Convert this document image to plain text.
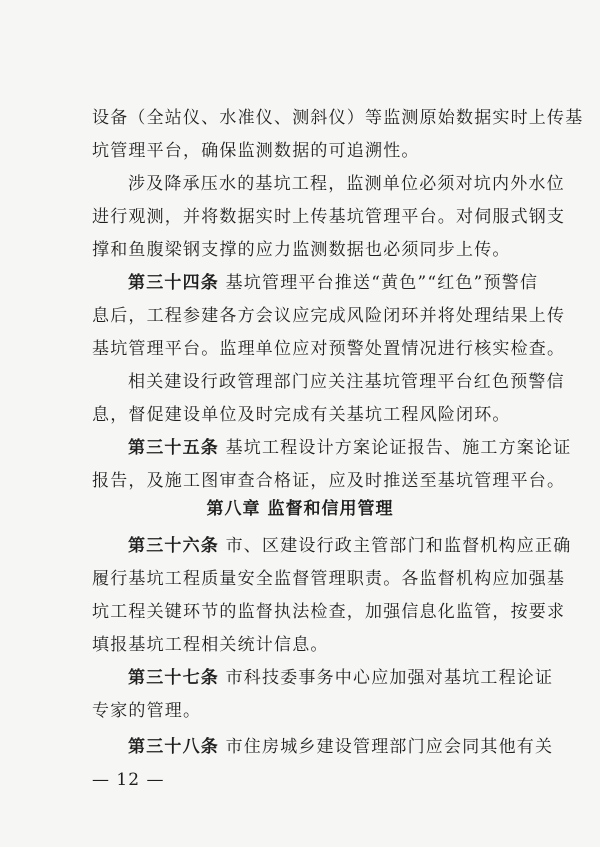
设备（全站仪、水准仪、测斜仪）等监测原始数据实时上传基
坑管理平台，确保监测数据的可追溯性。
涉及降承压水的基坑工程，监测单位必须对坑内外水位
进行观测，并将数据实时上传基坑管理平台。对伺服式钢支
撑和鱼腹梁钢支撑的应力监测数据也必须同步上传。
第三十四条 基坑管理平台推送“黄色”“红色”预警信
息后，工程参建各方会议应完成风险闭环并将处理结果上传
基坑管理平台。监理单位应对预警处置情况进行核实检查。
相关建设行政管理部门应关注基坑管理平台红色预警信
息，督促建设单位及时完成有关基坑工程风险闭环。
第三十五条 基坑工程设计方案论证报告、施工方案论证
报告，及施工图审查合格证，应及时推送至基坑管理平台。
第八章 监督和信用管理
第三十六条 市、区建设行政主管部门和监督机构应正确
履行基坑工程质量安全监督管理职责。各监督机构应加强基
坑工程关键环节的监督执法检查，加强信息化监管，按要求
填报基坑工程相关统计信息。
第三十七条 市科技委事务中心应加强对基坑工程论证
专家的管理。
第三十八条 市住房城乡建设管理部门应会同其他有关
— 12 —
